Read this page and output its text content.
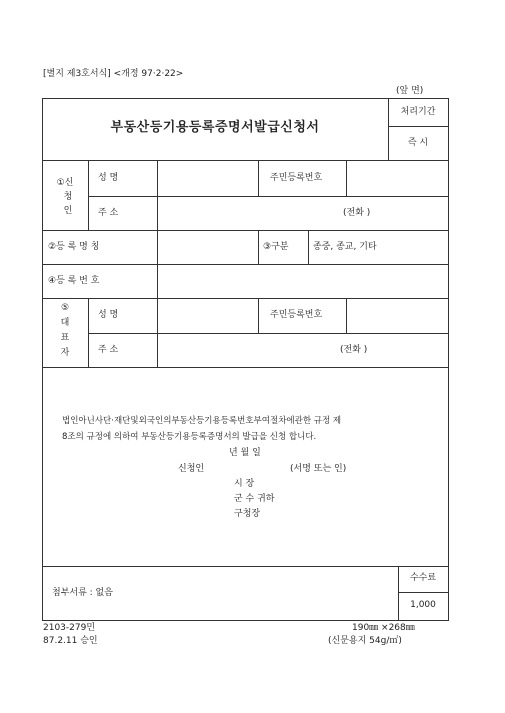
[별지 제3호서식] <개정 97·2·22>
(앞 면)
부동산등기용등록증명서발급신청서
처리기간
즉 시
①신
청
인
성 명	주민등록번호
주 소	(전화 )
②등 록 명 칭	③구분	종중, 종교, 기타
④등 록 번 호
⑤
대
표
자
성 명	주민등록번호
주 소	(전화 )
법인아닌사단·재단및외국인의부동산등기용등록번호부여절차에관한 규정 제
8조의 규정에 의하여 부동산등기용등록증명서의 발급을 신청 합니다.
년 월 일
신청인	(서명 또는 인)
시 장
군 수 귀하
구청장
첨부서류 : 없음
수수료
1,000
2103-279민
87.2.11 승인
190㎜ ×268㎜
(신문용지 54g/㎡)
